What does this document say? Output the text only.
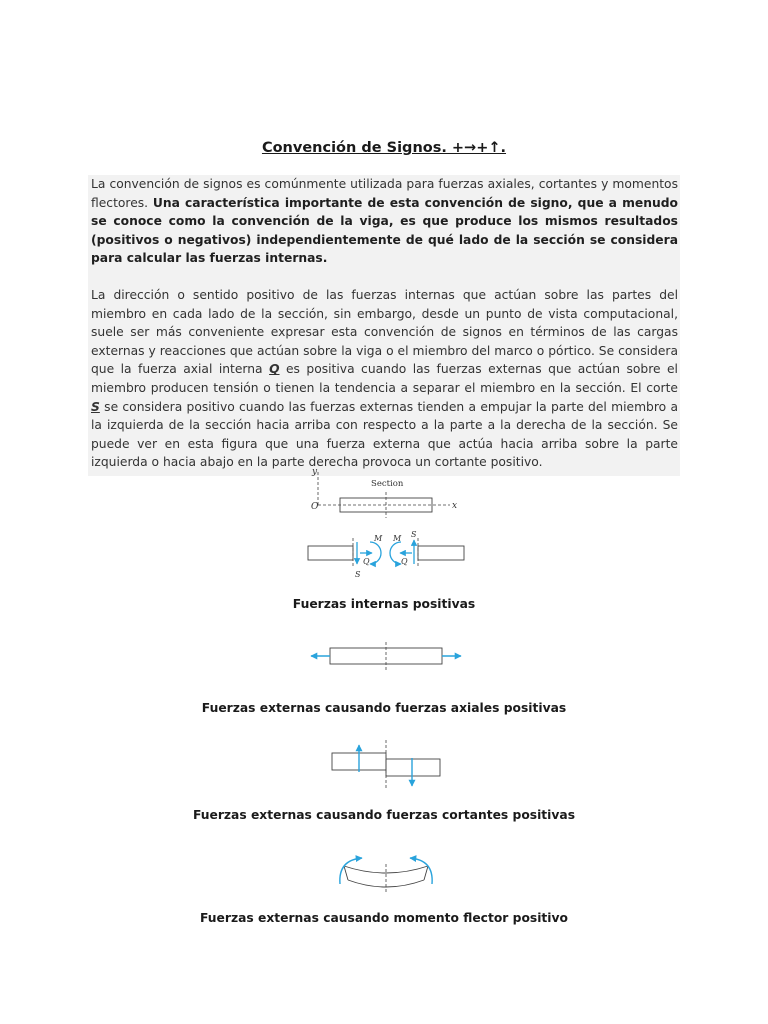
Convención de Signos. +→+↑.

La convención de signos es comúnmente utilizada para fuerzas axiales, cortantes y momentos flectores. Una característica importante de esta convención de signo, que a menudo se conoce como la convención de la viga, es que produce los mismos resultados (positivos o negativos) independientemente de qué lado de la sección se considera para calcular las fuerzas internas.

La dirección o sentido positivo de las fuerzas internas que actúan sobre las partes del miembro en cada lado de la sección, sin embargo, desde un punto de vista computacional, suele ser más conveniente expresar esta convención de signos en términos de las cargas externas y reacciones que actúan sobre la viga o el miembro del marco o pórtico. Se considera que la fuerza axial interna Q es positiva cuando las fuerzas externas que actúan sobre el miembro producen tensión o tienen la tendencia a separar el miembro en la sección. El corte S se considera positivo cuando las fuerzas externas tienden a empujar la parte del miembro a la izquierda de la sección hacia arriba con respecto a la parte a la derecha de la sección. Se puede ver en esta figura que una fuerza externa que actúa hacia arriba sobre la parte izquierda o hacia abajo en la parte derecha provoca un cortante positivo.

y
x
O
Section
M
Q
S
M
Q
S
Fuerzas internas positivas
Fuerzas externas causando fuerzas axiales positivas
Fuerzas externas causando fuerzas cortantes positivas
Fuerzas externas causando momento flector positivo
